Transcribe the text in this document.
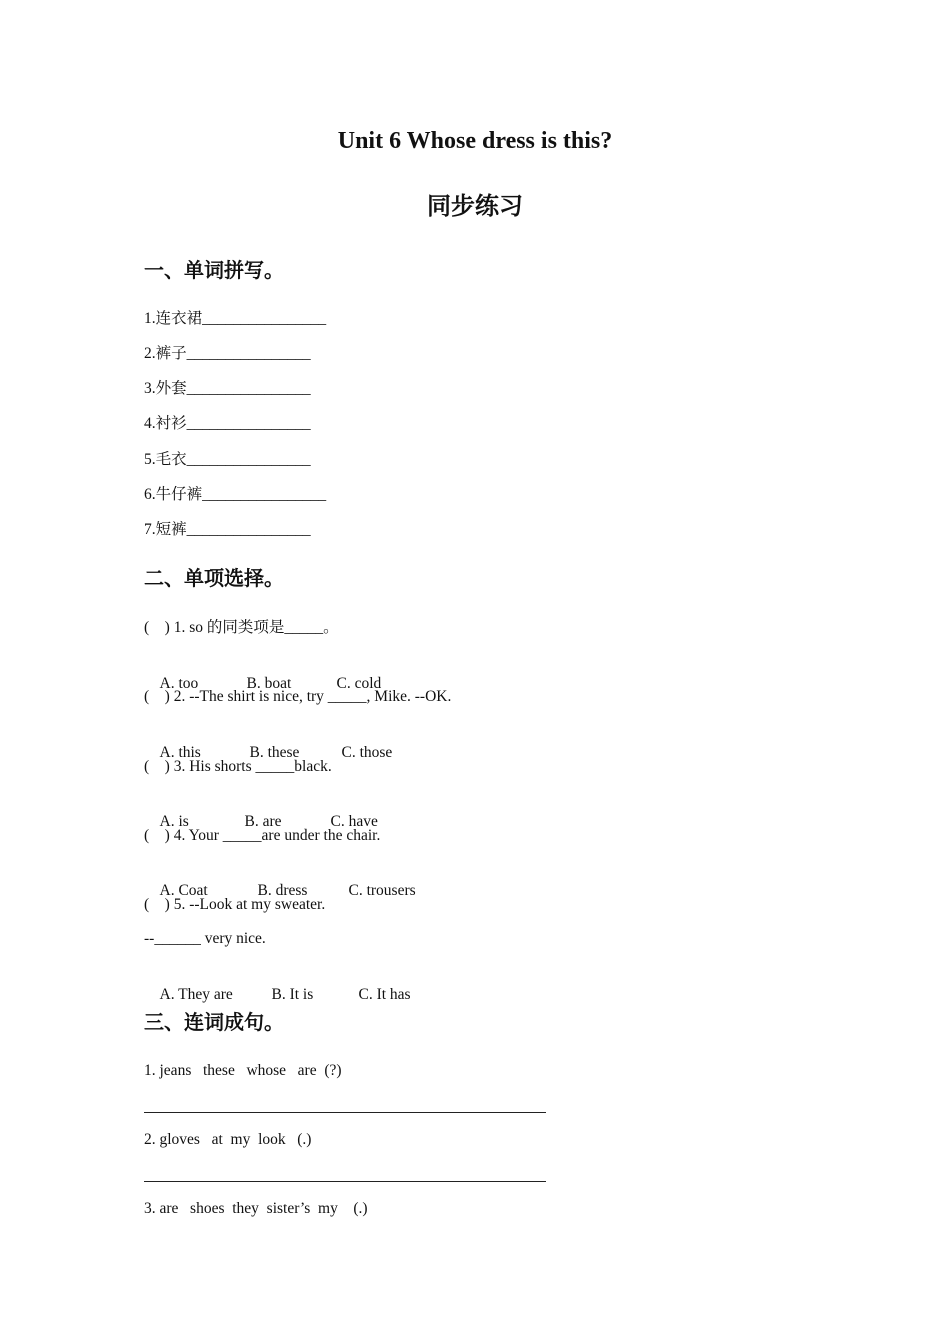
Unit 6 Whose dress is this?
同步练习
一、单词拼写。
1.连衣裙________________
2.裤子________________
3.外套________________
4.衬衫________________
5.毛衣________________
6.牛仔裤________________
7.短裤________________
二、单项选择。
(    ) 1. so 的同类项是_____。

A. too	B. boat	C. cold

(    ) 2. --The shirt is nice, try _____, Mike. --OK.

A. this	B. these	C. those

(    ) 3. His shorts _____black.

A. is	B. are	C. have

(    ) 4. Your _____are under the chair.

A. Coat	B. dress	C. trousers

(    ) 5. --Look at my sweater.
--______ very nice.

A. They are B. It is	C. It has

三、连词成句。
1. jeans   these   whose   are  (?)
2. gloves   at  my  look   (.)
3. are   shoes  they  sister’s  my    (.)
